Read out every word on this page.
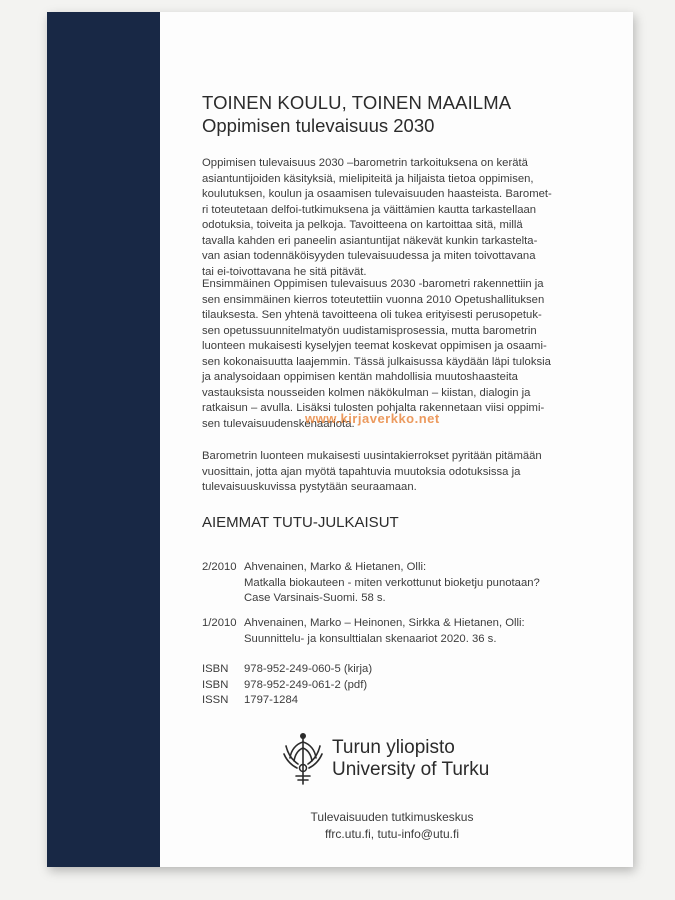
TOINEN KOULU, TOINEN MAAILMA
Oppimisen tulevaisuus 2030

Oppimisen tulevaisuus 2030 –barometrin tarkoituksena on kerätä
asiantuntijoiden käsityksiä, mielipiteitä ja hiljaista tietoa oppimisen,
koulutuksen, koulun ja osaamisen tulevaisuuden haasteista. Baromet-
ri toteutetaan delfoi-tutkimuksena ja väittämien kautta tarkastellaan
odotuksia, toiveita ja pelkoja. Tavoitteena on kartoittaa sitä, millä
tavalla kahden eri paneelin asiantuntijat näkevät kunkin tarkastelta-
van asian todennäköisyyden tulevaisuudessa ja miten toivottavana
tai ei-toivottavana he sitä pitävät.

Ensimmäinen Oppimisen tulevaisuus 2030 -barometri rakennettiin ja
sen ensimmäinen kierros toteutettiin vuonna 2010 Opetushallituksen
tilauksesta. Sen yhtenä tavoitteena oli tukea erityisesti perusopetuk-
sen opetussuunnitelmatyön uudistamisprosessia, mutta barometrin
luonteen mukaisesti kyselyjen teemat koskevat oppimisen ja osaami-
sen kokonaisuutta laajemmin. Tässä julkaisussa käydään läpi tuloksia
ja analysoidaan oppimisen kentän mahdollisia muutoshaasteita
vastauksista nousseiden kolmen näkökulman – kiistan, dialogin ja
ratkaisun – avulla. Lisäksi tulosten pohjalta rakennetaan viisi oppimi-
sen tulevaisuudenskenaariota.

www.kirjaverkko.net

Barometrin luonteen mukaisesti uusintakierrokset pyritään pitämään
vuosittain, jotta ajan myötä tapahtuvia muutoksia odotuksissa ja
tulevaisuuskuvissa pystytään seuraamaan.

AIEMMAT TUTU-JULKAISUT
2/2010 Ahvenainen, Marko & Hietanen, Olli:
Matkalla biokauteen - miten verkottunut bioketju punotaan?
Case Varsinais-Suomi. 58 s.
1/2010 Ahvenainen, Marko – Heinonen, Sirkka & Hietanen, Olli:
Suunnittelu- ja konsulttialan skenaariot 2020. 36 s.
ISBN 978-952-249-060-5 (kirja)
ISBN 978-952-249-061-2 (pdf)
ISSN 1797-1284
Turun yliopisto
University of Turku
Tulevaisuuden tutkimuskeskus
ffrc.utu.fi, tutu-info@utu.fi
